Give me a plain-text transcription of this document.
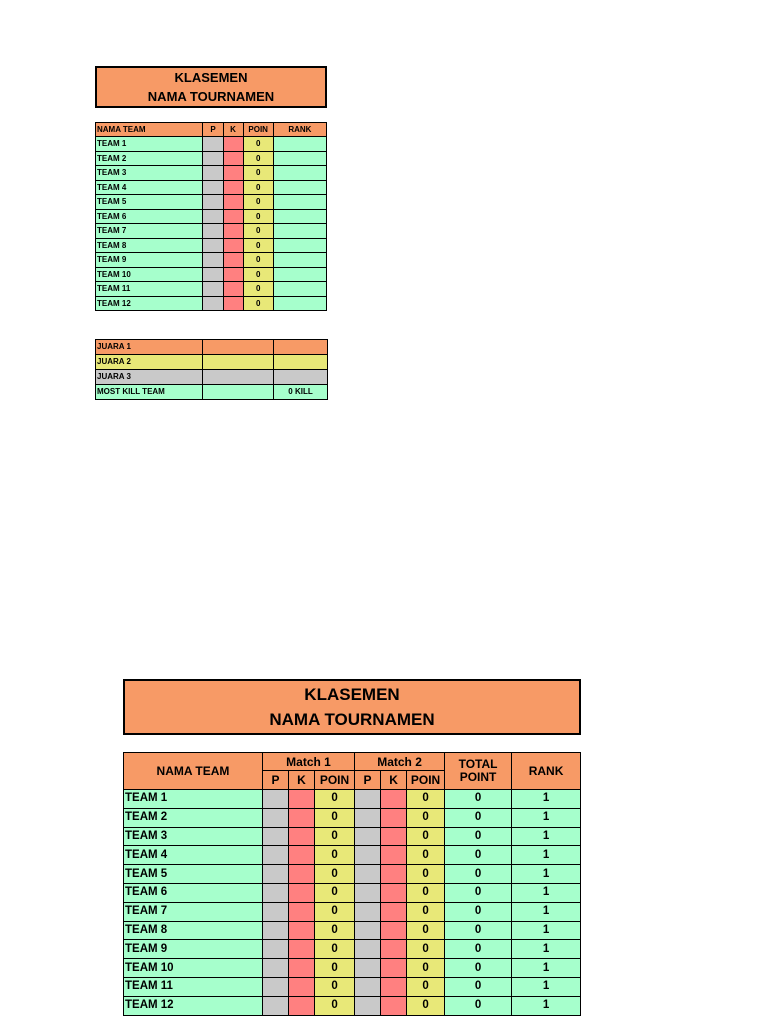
KLASEMEN
NAMA TOURNAMEN
NAMA TEAM	P	K	POIN	RANK
TEAM 1			0	
TEAM 2			0	
TEAM 3			0	
TEAM 4			0	
TEAM 5			0	
TEAM 6			0	
TEAM 7			0	
TEAM 8			0	
TEAM 9			0	
TEAM 10			0	
TEAM 11			0	
TEAM 12			0	
JUARA 1		
JUARA 2		
JUARA 3		
MOST KILL TEAM		0 KILL
KLASEMEN
NAMA TOURNAMEN
NAMA TEAM	Match 1			Match 2			TOTAL
POINT	RANK
	P	K	POIN	P	K	POIN		
TEAM 1			0			0	0	1
TEAM 2			0			0	0	1
TEAM 3			0			0	0	1
TEAM 4			0			0	0	1
TEAM 5			0			0	0	1
TEAM 6			0			0	0	1
TEAM 7			0			0	0	1
TEAM 8			0			0	0	1
TEAM 9			0			0	0	1
TEAM 10			0			0	0	1
TEAM 11			0			0	0	1
TEAM 12			0			0	0	1
